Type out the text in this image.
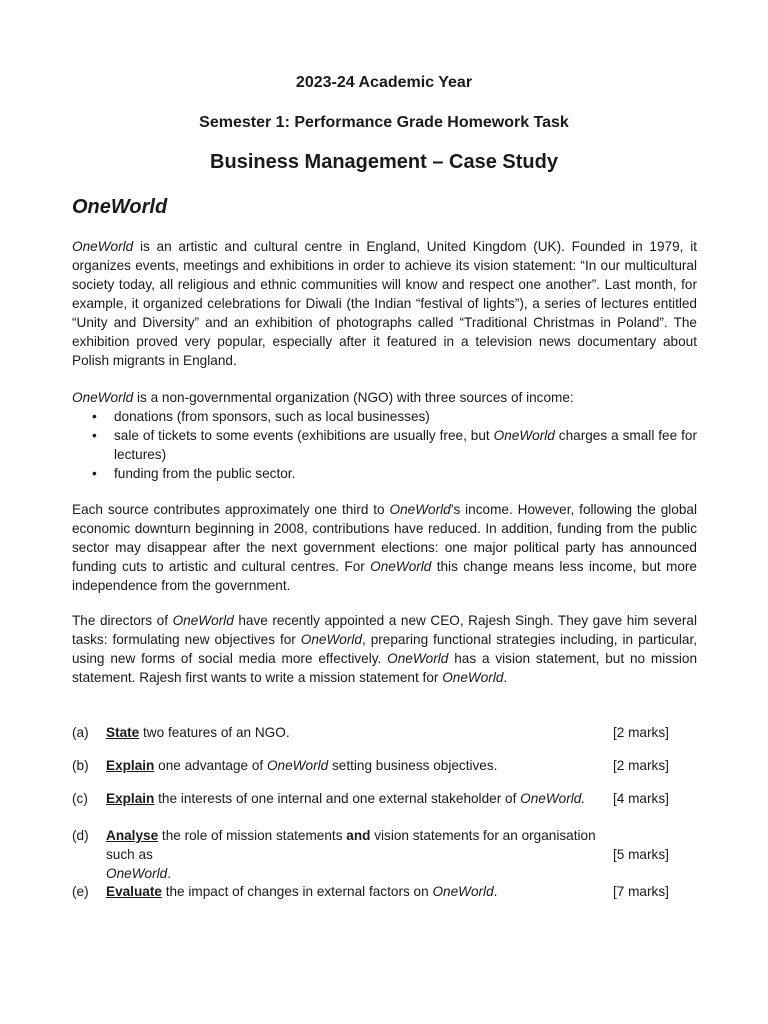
2023-24 Academic Year
Semester 1: Performance Grade Homework Task
Business Management – Case Study
OneWorld
OneWorld is an artistic and cultural centre in England, United Kingdom (UK). Founded in 1979, it organizes events, meetings and exhibitions in order to achieve its vision statement: “In our multicultural society today, all religious and ethnic communities will know and respect one another”. Last month, for example, it organized celebrations for Diwali (the Indian “festival of lights”), a series of lectures entitled “Unity and Diversity” and an exhibition of photographs called “Traditional Christmas in Poland”. The exhibition proved very popular, especially after it featured in a television news documentary about Polish migrants in England.
OneWorld is a non-governmental organization (NGO) with three sources of income:
• donations (from sponsors, such as local businesses)
• sale of tickets to some events (exhibitions are usually free, but OneWorld charges a small fee for lectures)
• funding from the public sector.
Each source contributes approximately one third to OneWorld’s income. However, following the global economic downturn beginning in 2008, contributions have reduced. In addition, funding from the public sector may disappear after the next government elections: one major political party has announced funding cuts to artistic and cultural centres. For OneWorld this change means less income, but more independence from the government.
The directors of OneWorld have recently appointed a new CEO, Rajesh Singh. They gave him several tasks: formulating new objectives for OneWorld, preparing functional strategies including, in particular, using new forms of social media more effectively. OneWorld has a vision statement, but no mission statement. Rajesh first wants to write a mission statement for OneWorld.
(a) State two features of an NGO.	[2 marks]
(b) Explain one advantage of OneWorld setting business objectives.	[2 marks]
(c) Explain the interests of one internal and one external stakeholder of OneWorld.	[4 marks]
(d) Analyse the role of mission statements and vision statements for an organisation such as
OneWorld.
[5 marks]
(e) Evaluate the impact of changes in external factors on OneWorld.	[7 marks]
